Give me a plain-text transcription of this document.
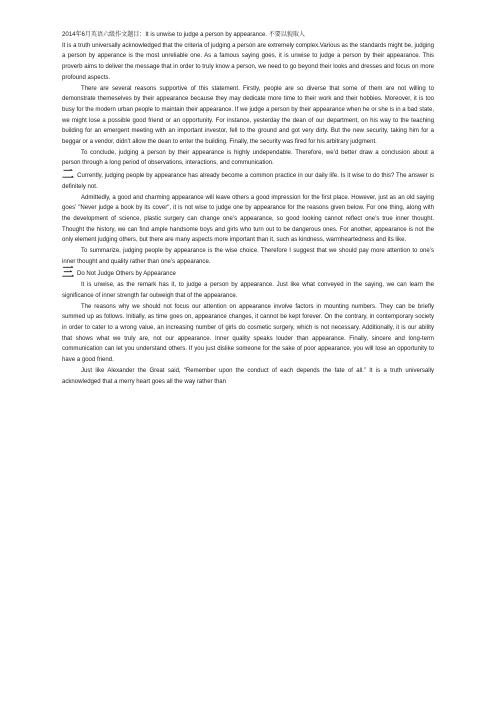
2014年6月英语六级作文题目：It is unwise to judge a person by appearance. 不要以貌取人

It is a truth universally acknowledged that the criteria of judging a person are extremely complex.Various as the standards might be, judging a person by apperance is the most unreliable one. As a famous saying goes, it is unwise to judge a person by their appearance. This proverb aims to deliver the message that in order to truly know a person, we need to go beyond their looks and dresses and focus on more profound aspects.

There are several reasons supportive of this statement. Firstly, people are so diverse that some of them are not willing to demonstrate themeselves by their appearance because they may dedicate more time to their work and their hobbies. Moreover, it is too busy for the modern urban people to maintain their appearance. If we judge a person by their appearance when he or she is in a bad state, we might lose a possible good friend or an opportunity. For instance, yesterday the dean of our department, on his way to the teaching building for an emergent meeting with an important investor, fell to the ground and got very dirty. But the new security, taking him for a beggar or a vendor, didn’t allow the dean to enter the building. Finally, the security was fired for his arbitrary judgment.

To conclude, judging a person by their appearance is highly undependable. Therefore, we’d better draw a conclusion about a person through a long period of observations, interactions, and communication.

二 Currently, judging people by appearance has already become a common practice in our daily life. Is it wise to do this? The answer is definitely not.

Admittedly, a good and charming appearance will leave others a good impression for the first place. However, just as an old saying goes’ "Never judge a book by its cover", it is not wise to judge one by appearance for the reasons given below. For one thing, along with the development of science, plastic surgery can change one’s appearance, so good looking cannot reflect one’s true inner thought. Thought the history, we can find ample handsome boys and girls who turn out to be dangerous ones. For another, appearance is not the only element judging others, but there are many aspects more important than it, such as kindness, warmheartedness and its like.

To summarize, judging people by appearance is the wise choice. Therefore I suggest that we should pay more attention to one’s inner thought and quality rather than one’s appearance.

三 Do Not Judge Others by Appearance

It is unwise, as the remark has it, to judge a person by appearance. Just like what conveyed in the saying, we can learn the significance of inner strength far outweigh that of the appearance.

The reasons why we should not focus our attention on appearance involve factors in mounting numbers. They can be briefly summed up as follows. Initially, as time goes on, appearance changes, it cannot be kept forever. On the contrary, in contemporary society in order to cater to a wrong value, an increasing number of girls do cosmetic surgery, which is not necessary. Additionally, it is our ability that shows what we truly are, not our appearance. Inner quality speaks louder than appearance. Finally, sincere and long-term communication can let you understand others. If you just dislike someone for the sake of poor appearance, you will lose an opportunity to have a good friend.

Just like Alexander the Great said, “Remember upon the conduct of each depends the fate of all.” It is a truth universally acknowledged that a merry heart goes all the way rather than
